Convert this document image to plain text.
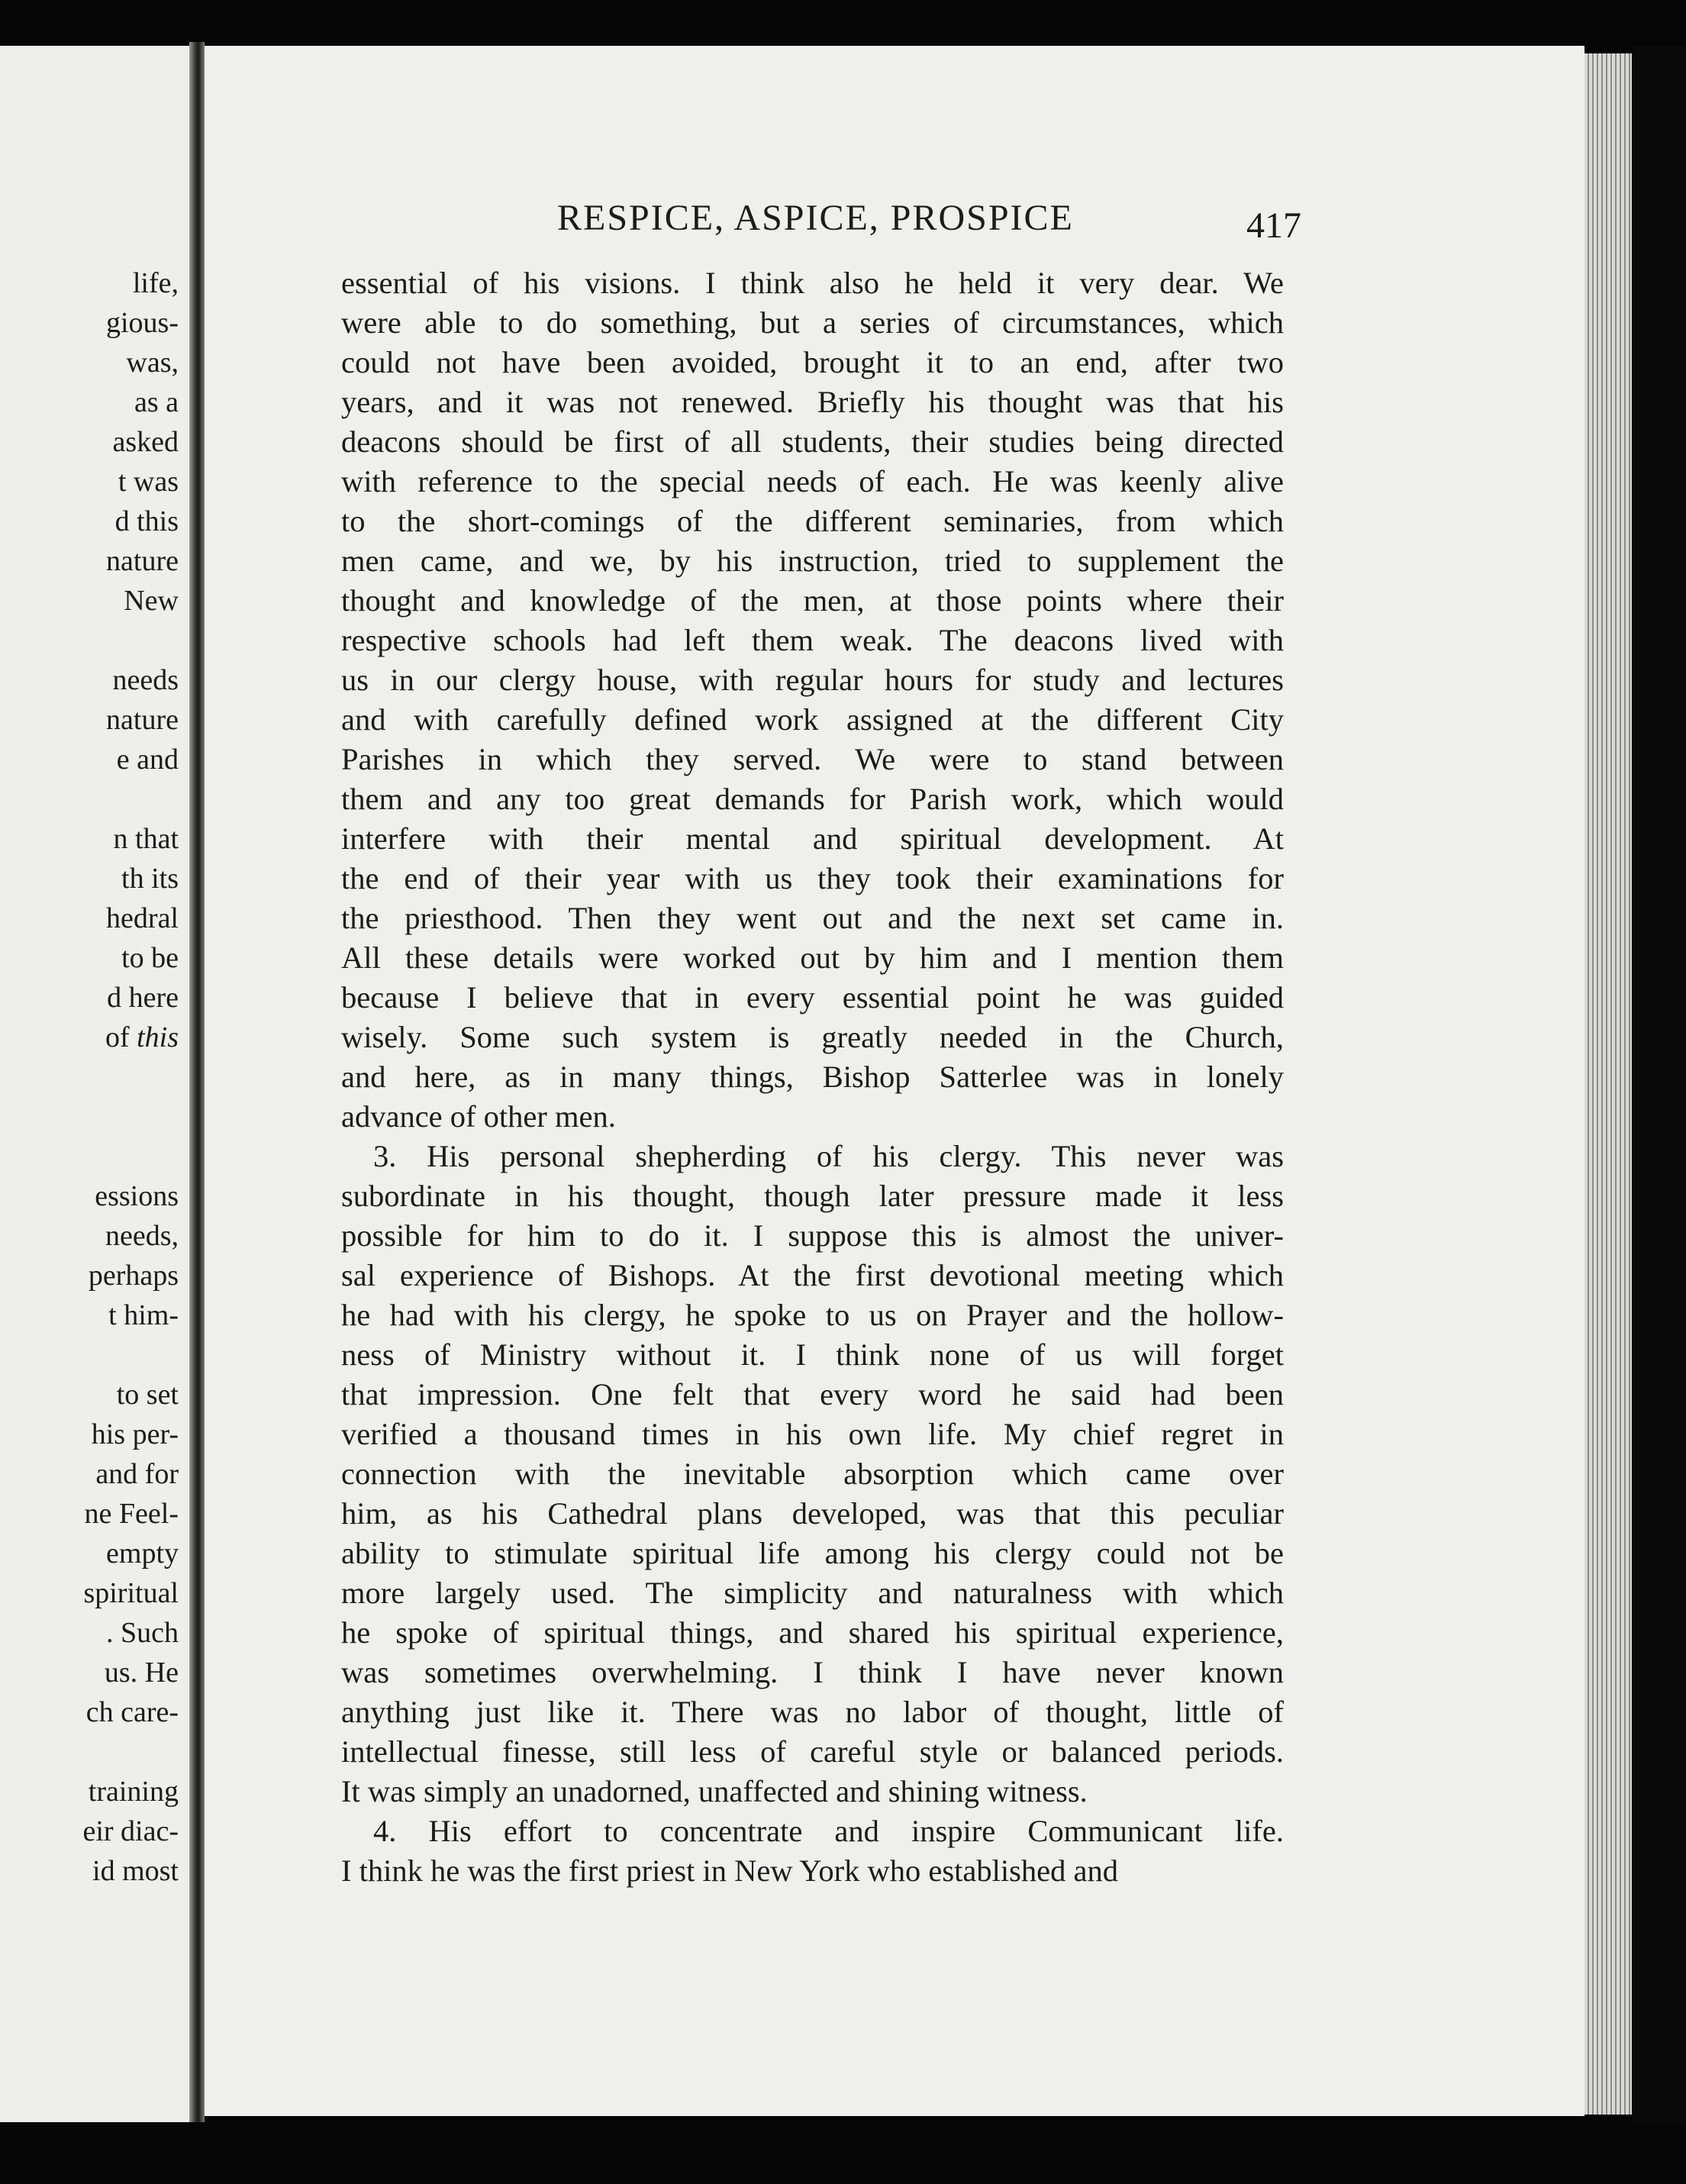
life,
gious-
was,
as a
asked
t was
d this
nature
New
needs
nature
e and
n that
th its
hedral
to be
d here
of this
essions
needs,
perhaps
t him-
to set
his per-
and for
ne Feel-
empty
spiritual
. Such
us. He
ch care-
training
eir diac-
id most
RESPICE, ASPICE, PROSPICE	417
essential of his visions. I think also he held it very dear. We
were able to do something, but a series of circumstances, which
could not have been avoided, brought it to an end, after two
years, and it was not renewed. Briefly his thought was that his
deacons should be first of all students, their studies being directed
with reference to the special needs of each. He was keenly alive
to the short-comings of the different seminaries, from which
men came, and we, by his instruction, tried to supplement the
thought and knowledge of the men, at those points where their
respective schools had left them weak. The deacons lived with
us in our clergy house, with regular hours for study and lectures
and with carefully defined work assigned at the different City
Parishes in which they served. We were to stand between
them and any too great demands for Parish work, which would
interfere with their mental and spiritual development. At
the end of their year with us they took their examinations for
the priesthood. Then they went out and the next set came in.
All these details were worked out by him and I mention them
because I believe that in every essential point he was guided
wisely. Some such system is greatly needed in the Church,
and here, as in many things, Bishop Satterlee was in lonely
advance of other men.
3. His personal shepherding of his clergy. This never was
subordinate in his thought, though later pressure made it less
possible for him to do it. I suppose this is almost the univer-
sal experience of Bishops. At the first devotional meeting which
he had with his clergy, he spoke to us on Prayer and the hollow-
ness of Ministry without it. I think none of us will forget
that impression. One felt that every word he said had been
verified a thousand times in his own life. My chief regret in
connection with the inevitable absorption which came over
him, as his Cathedral plans developed, was that this peculiar
ability to stimulate spiritual life among his clergy could not be
more largely used. The simplicity and naturalness with which
he spoke of spiritual things, and shared his spiritual experience,
was sometimes overwhelming. I think I have never known
anything just like it. There was no labor of thought, little of
intellectual finesse, still less of careful style or balanced periods.
It was simply an unadorned, unaffected and shining witness.
4. His effort to concentrate and inspire Communicant life.
I think he was the first priest in New York who established and
